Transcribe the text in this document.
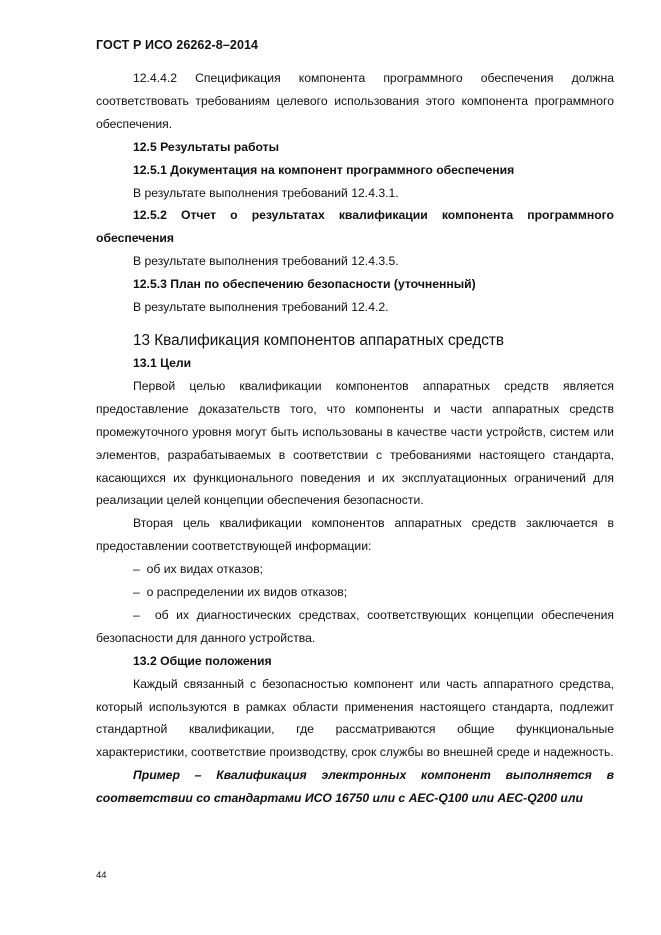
ГОСТ Р ИСО 26262-8–2014

12.4.4.2 Спецификация компонента программного обеспечения должна соответствовать требованиям целевого использования этого компонента программного обеспечения.

12.5 Результаты работы

12.5.1 Документация на компонент программного обеспечения

В результате выполнения требований 12.4.3.1.

12.5.2 Отчет о результатах квалификации компонента программного обеспечения

В результате выполнения требований 12.4.3.5.

12.5.3 План по обеспечению безопасности (уточненный)

В результате выполнения требований 12.4.2.

13 Квалификация компонентов аппаратных средств

13.1 Цели

Первой целью квалификации компонентов аппаратных средств является предоставление доказательств того, что компоненты и части аппаратных средств промежуточного уровня могут быть использованы в качестве части устройств, систем или элементов, разрабатываемых в соответствии с требованиями настоящего стандарта, касающихся их функционального поведения и их эксплуатационных ограничений для реализации целей концепции обеспечения безопасности.

Вторая цель квалификации компонентов аппаратных средств заключается в предоставлении соответствующей информации:

– об их видах отказов;

– о распределении их видов отказов;

– об их диагностических средствах, соответствующих концепции обеспечения безопасности для данного устройства.

13.2 Общие положения

Каждый связанный с безопасностью компонент или часть аппаратного средства, который используются в рамках области применения настоящего стандарта, подлежит стандартной квалификации, где рассматриваются общие функциональные характеристики, соответствие производству, срок службы во внешней среде и надежность.

Пример – Квалификация электронных компонент выполняется в соответствии со стандартами ИСО 16750 или с AEC-Q100 или AEC-Q200 или

44
